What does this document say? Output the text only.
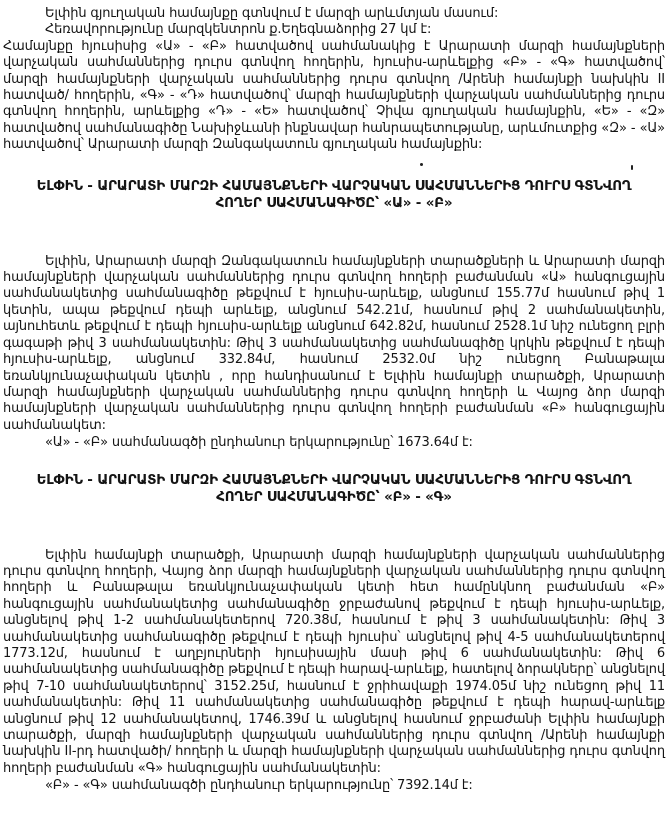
Ելփին գյուղական համայնքը գտնվում է մարզի արևմտյան մասում:

Հեռավորությունը մարզկենտրոն ք.Եղեգնաձորից 27 կմ է:

Համայնքը հյուսիսից «Ա» - «Բ» հատվածով սահմանակից է Արարատի մարզի համայնքների վարչական սահմաններից դուրս գտնվող հողերին, հյուսիս-արևելքից «Բ» - «Գ» հատվածով՝ մարզի համայնքների վարչական սահմաններից դուրս գտնվող /Արենի համայնքի նախկին II հատված/ հողերին, «Գ» - «Դ» հատվածով՝ մարզի համայնքների վարչական սահմաններից դուրս գտնվող հողերին, արևելքից «Դ» - «Ե» հատվածով՝ Չիվա գյուղական համայնքին, «Ե» - «Զ» հատվածով սահմանագիծը Նախիջևանի ինքնավար հանրապետությանը, արևմուտքից «Զ» - «Ա» հատվածով՝ Արարատի մարզի Զանգակատուն գյուղական համայնքին:

ԵԼՓԻՆ - ԱՐԱՐԱՏԻ ՄԱՐԶԻ ՀԱՄԱՅՆՔՆԵՐԻ ՎԱՐՉԱԿԱՆ ՍԱՀՄԱՆՆԵՐԻՑ ԴՈՒՐՍ ԳՏՆՎՈՂ
ՀՈՂԵՐ ՍԱՀՄԱՆԱԳԻԾԸ՝ «Ա» - «Բ»

Ելփին, Արարատի մարզի Զանգակատուն համայնքների տարածքների և Արարատի մարզի համայնքների վարչական սահմաններից դուրս գտնվող հողերի բաժանման «Ա» հանգուցային սահմանակետից սահմանագիծը թեքվում է հյուսիս-արևելք, անցնում 155.77մ հասնում թիվ 1 կետին, ապա թեքվում դեպի արևելք, անցնում 542.21մ, հասնում թիվ 2 սահմանակետին, այնուհետև թեքվում է դեպի հյուսիս-արևելք անցնում 642.82մ, հասնում 2528.1մ նիշ ունեցող բլրի գագաթի թիվ 3 սահմանակետին: Թիվ 3 սահմանակետից սահմանագիծը կրկին թեքվում է դեպի հյուսիս-արևելք, անցնում 332.84մ, հասնում 2532.0մ նիշ ունեցող Բանաթալա եռանկյունաչափական կետին , որը հանդիսանում է Ելփին համայնքի տարածքի, Արարատի մարզի համայնքների վարչական սահմաններից դուրս գտնվող հողերի և Վայոց ձոր մարզի համայնքների վարչական սահմաններից դուրս գտնվող հողերի բաժանման «Բ» հանգուցային սահմանակետ:

«Ա» - «Բ» սահմանագծի ընդհանուր երկարությունը՝ 1673.64մ է:

ԵԼՓԻՆ - ԱՐԱՐԱՏԻ ՄԱՐԶԻ ՀԱՄԱՅՆՔՆԵՐԻ ՎԱՐՉԱԿԱՆ ՍԱՀՄԱՆՆԵՐԻՑ ԴՈՒՐՍ ԳՏՆՎՈՂ
ՀՈՂԵՐ ՍԱՀՄԱՆԱԳԻԾԸ՝ «Բ» - «Գ»

Ելփին համայնքի տարածքի, Արարատի մարզի համայնքների վարչական սահմաններից դուրս գտնվող հողերի, Վայոց ձոր մարզի համայնքների վարչական սահմաններից դուրս գտնվող հողերի և Բանաթալա եռանկյունաչափական կետի հետ համընկնող բաժանման «Բ» հանգուցային սահմանակետից սահմանագիծը ջրբաժանով թեքվում է դեպի հյուսիս-արևելք, անցնելով թիվ 1-2 սահմանակետերով 720.38մ, հասնում է թիվ 3 սահմանակետին: Թիվ 3 սահմանակետից սահմանագիծը թեքվում է դեպի հյուսիս՝ անցնելով թիվ 4-5 սահմանակետերով 1773.12մ, հասնում է աղբյուրների հյուսիսային մասի թիվ 6 սահմանակետին: Թիվ 6 սահմանակետից սահմանագիծը թեքվում է դեպի հարավ-արևելք, հատելով ձորակները՝ անցնելով թիվ 7-10 սահմանակետերով՝ 3152.25մ, հասնում է ջրիհավաքի 1974.05մ նիշ ունեցող թիվ 11 սահմանակետին: Թիվ 11 սահմանակետից սահմանագիծը թեքվում է դեպի հարավ-արևելք անցնում թիվ 12 սահմանակետով, 1746.39մ և անցնելով հասնում ջրբաժանի Ելփին համայնքի տարածքի, մարզի համայնքների վարչական սահմաններից դուրս գտնվող /Արենի համայնքի նախկին II-րդ հատվածի/ հողերի և մարզի համայնքների վարչական սահմաններից դուրս գտնվող հողերի բաժանման «Գ» հանգուցային սահմանակետին:

«Բ» - «Գ» սահմանագծի ընդհանուր երկարությունը՝ 7392.14մ է:
